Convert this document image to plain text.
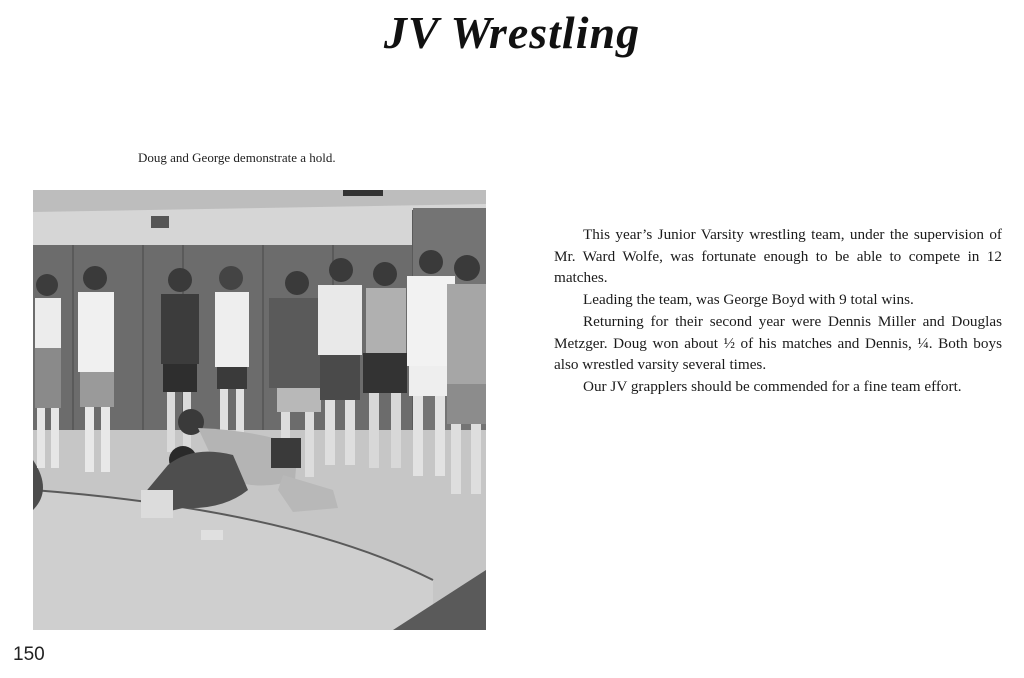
JV Wrestling
Doug and George demonstrate a hold.

This year’s Junior Varsity wrestling team, under the supervision of Mr. Ward Wolfe, was fortunate enough to be able to compete in 12 matches.

Leading the team, was George Boyd with 9 total wins.

Returning for their second year were Dennis Miller and Douglas Metzger. Doug won about ½ of his matches and Dennis, ¼. Both boys also wrestled varsity several times.

Our JV grapplers should be commended for a fine team effort.

150
